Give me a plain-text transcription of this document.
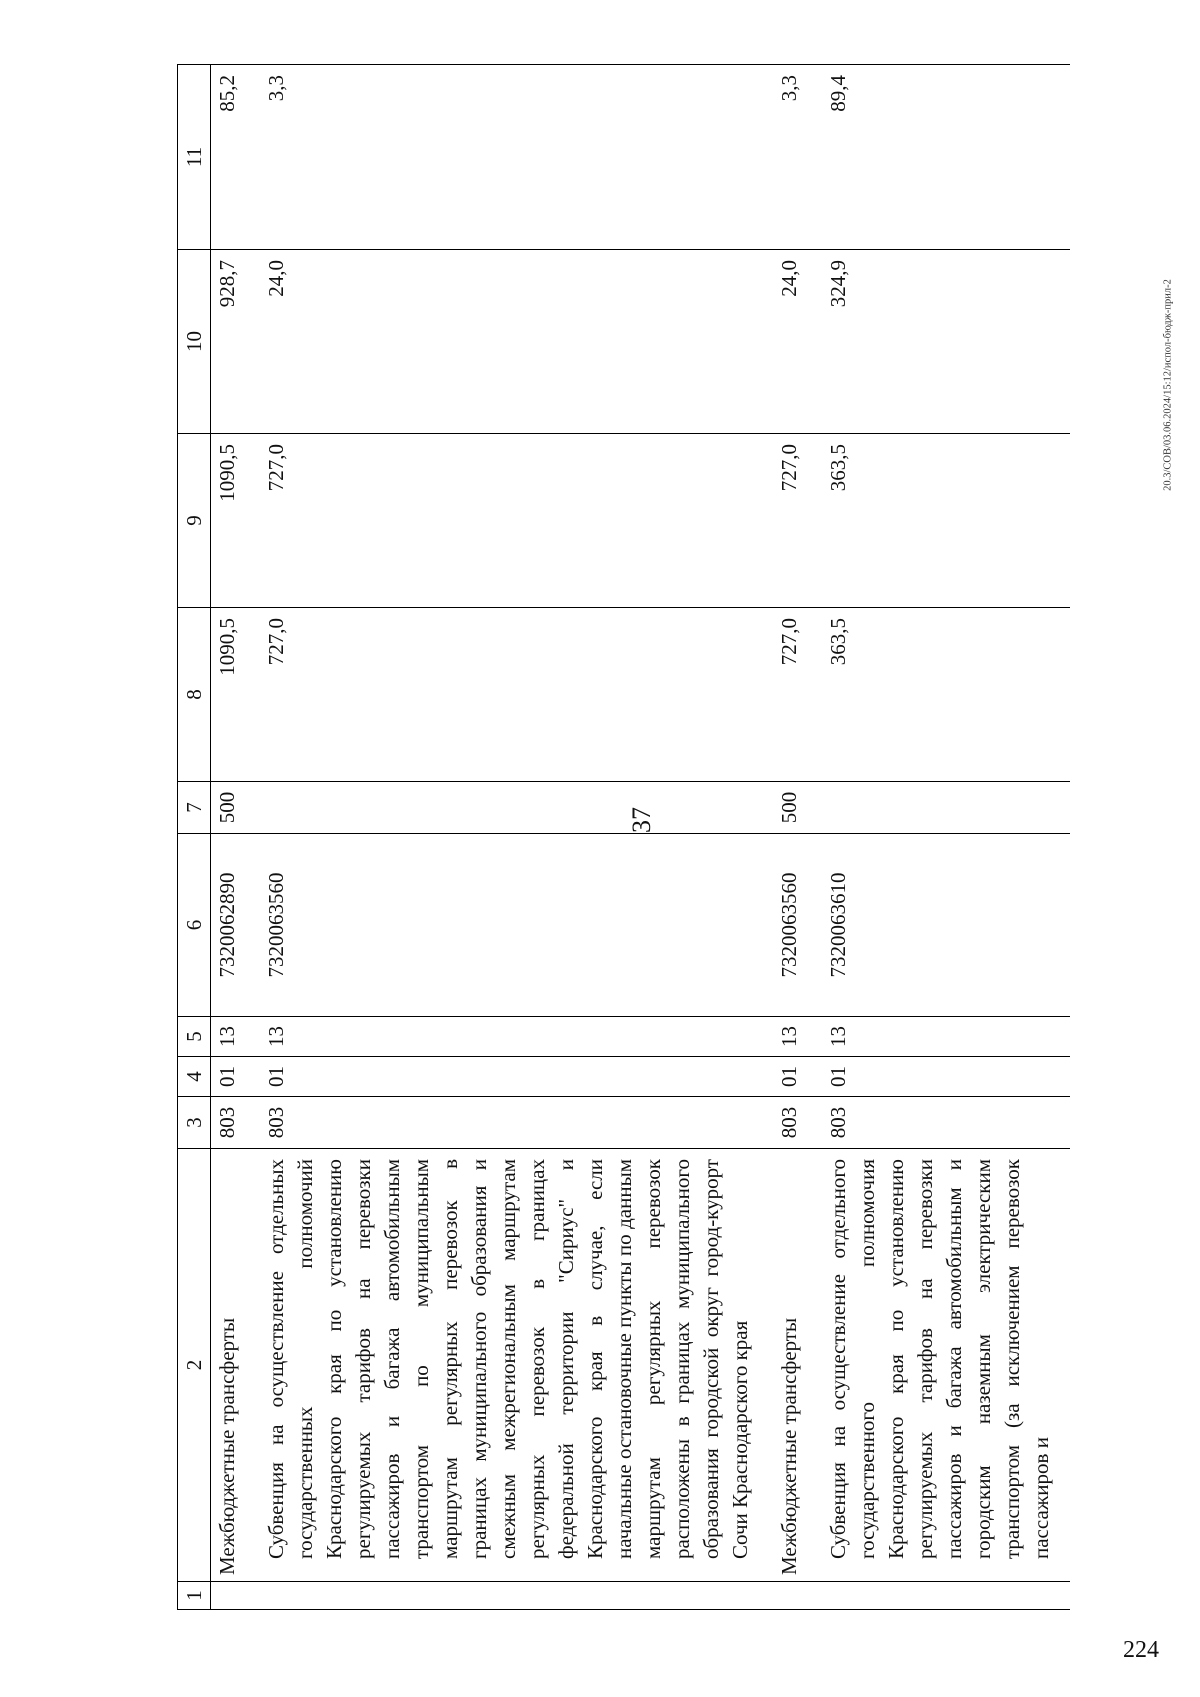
37
20.3/СОВ/03.06.2024/15:12/испол-бюдж-прил-2
224
1	2	3	4	5	6	7	8	9	10	11
	Межбюджетные трансферты	803	01	13	7320062890	500	1090,5	1090,5	928,7	85,2
	Субвенция на осуществление отдельных государственных полномочий Краснодарского края по установлению регулируемых тарифов на перевозки пассажиров и багажа автомобильным транспортом по муниципальным маршрутам регулярных перевозок в границах муниципального образования и смежным межрегиональным маршрутам регулярных перевозок в границах федеральной территории "Сириус" и Краснодарского края в случае, если начальные остановочные пункты по данным маршрутам регулярных перевозок расположены в границах муниципального образования городской округ город-курорт Сочи Краснодарского края	803	01	13	7320063560		727,0	727,0	24,0	3,3
	Межбюджетные трансферты	803	01	13	7320063560	500	727,0	727,0	24,0	3,3
	Субвенция на осуществление отдельного государственного полномочия Краснодарского края по установлению регулируемых тарифов на перевозки пассажиров и багажа автомобильным и городским наземным электрическим транспортом (за исключением перевозок пассажиров и	803	01	13	7320063610		363,5	363,5	324,9	89,4
